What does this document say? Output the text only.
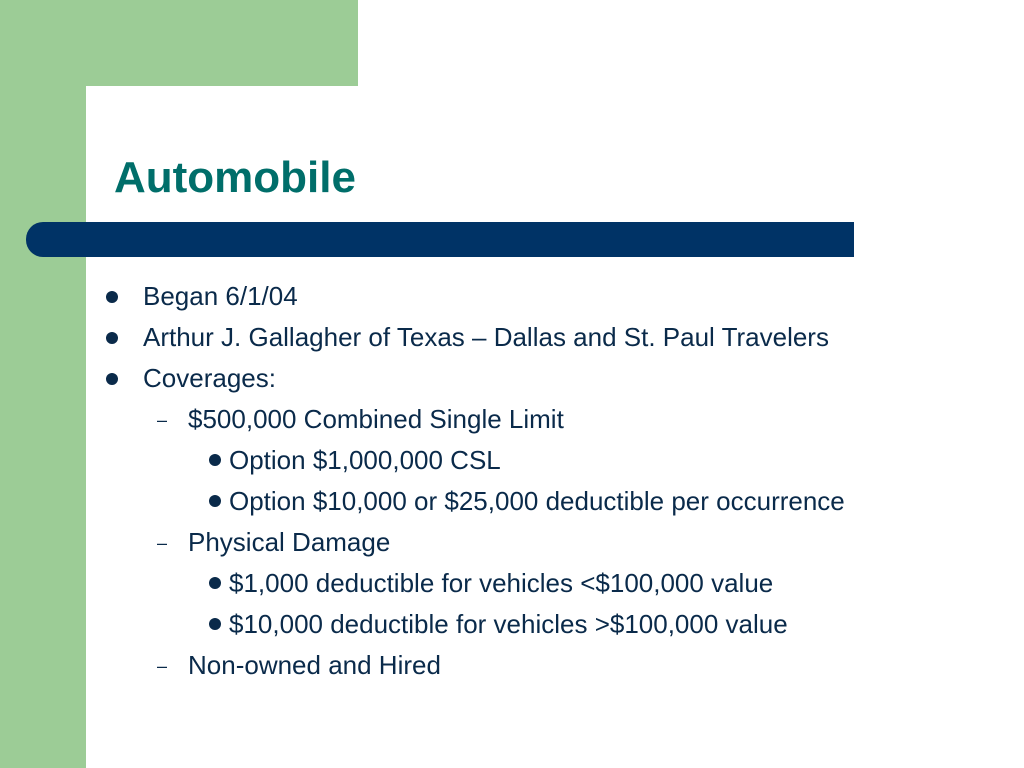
Automobile
Began 6/1/04
Arthur J. Gallagher of Texas – Dallas and St. Paul Travelers
Coverages:
– $500,000 Combined Single Limit
Option $1,000,000 CSL
Option $10,000 or $25,000 deductible per occurrence
– Physical Damage
$1,000 deductible for vehicles <$100,000 value
$10,000 deductible for vehicles >$100,000 value
– Non-owned and Hired
